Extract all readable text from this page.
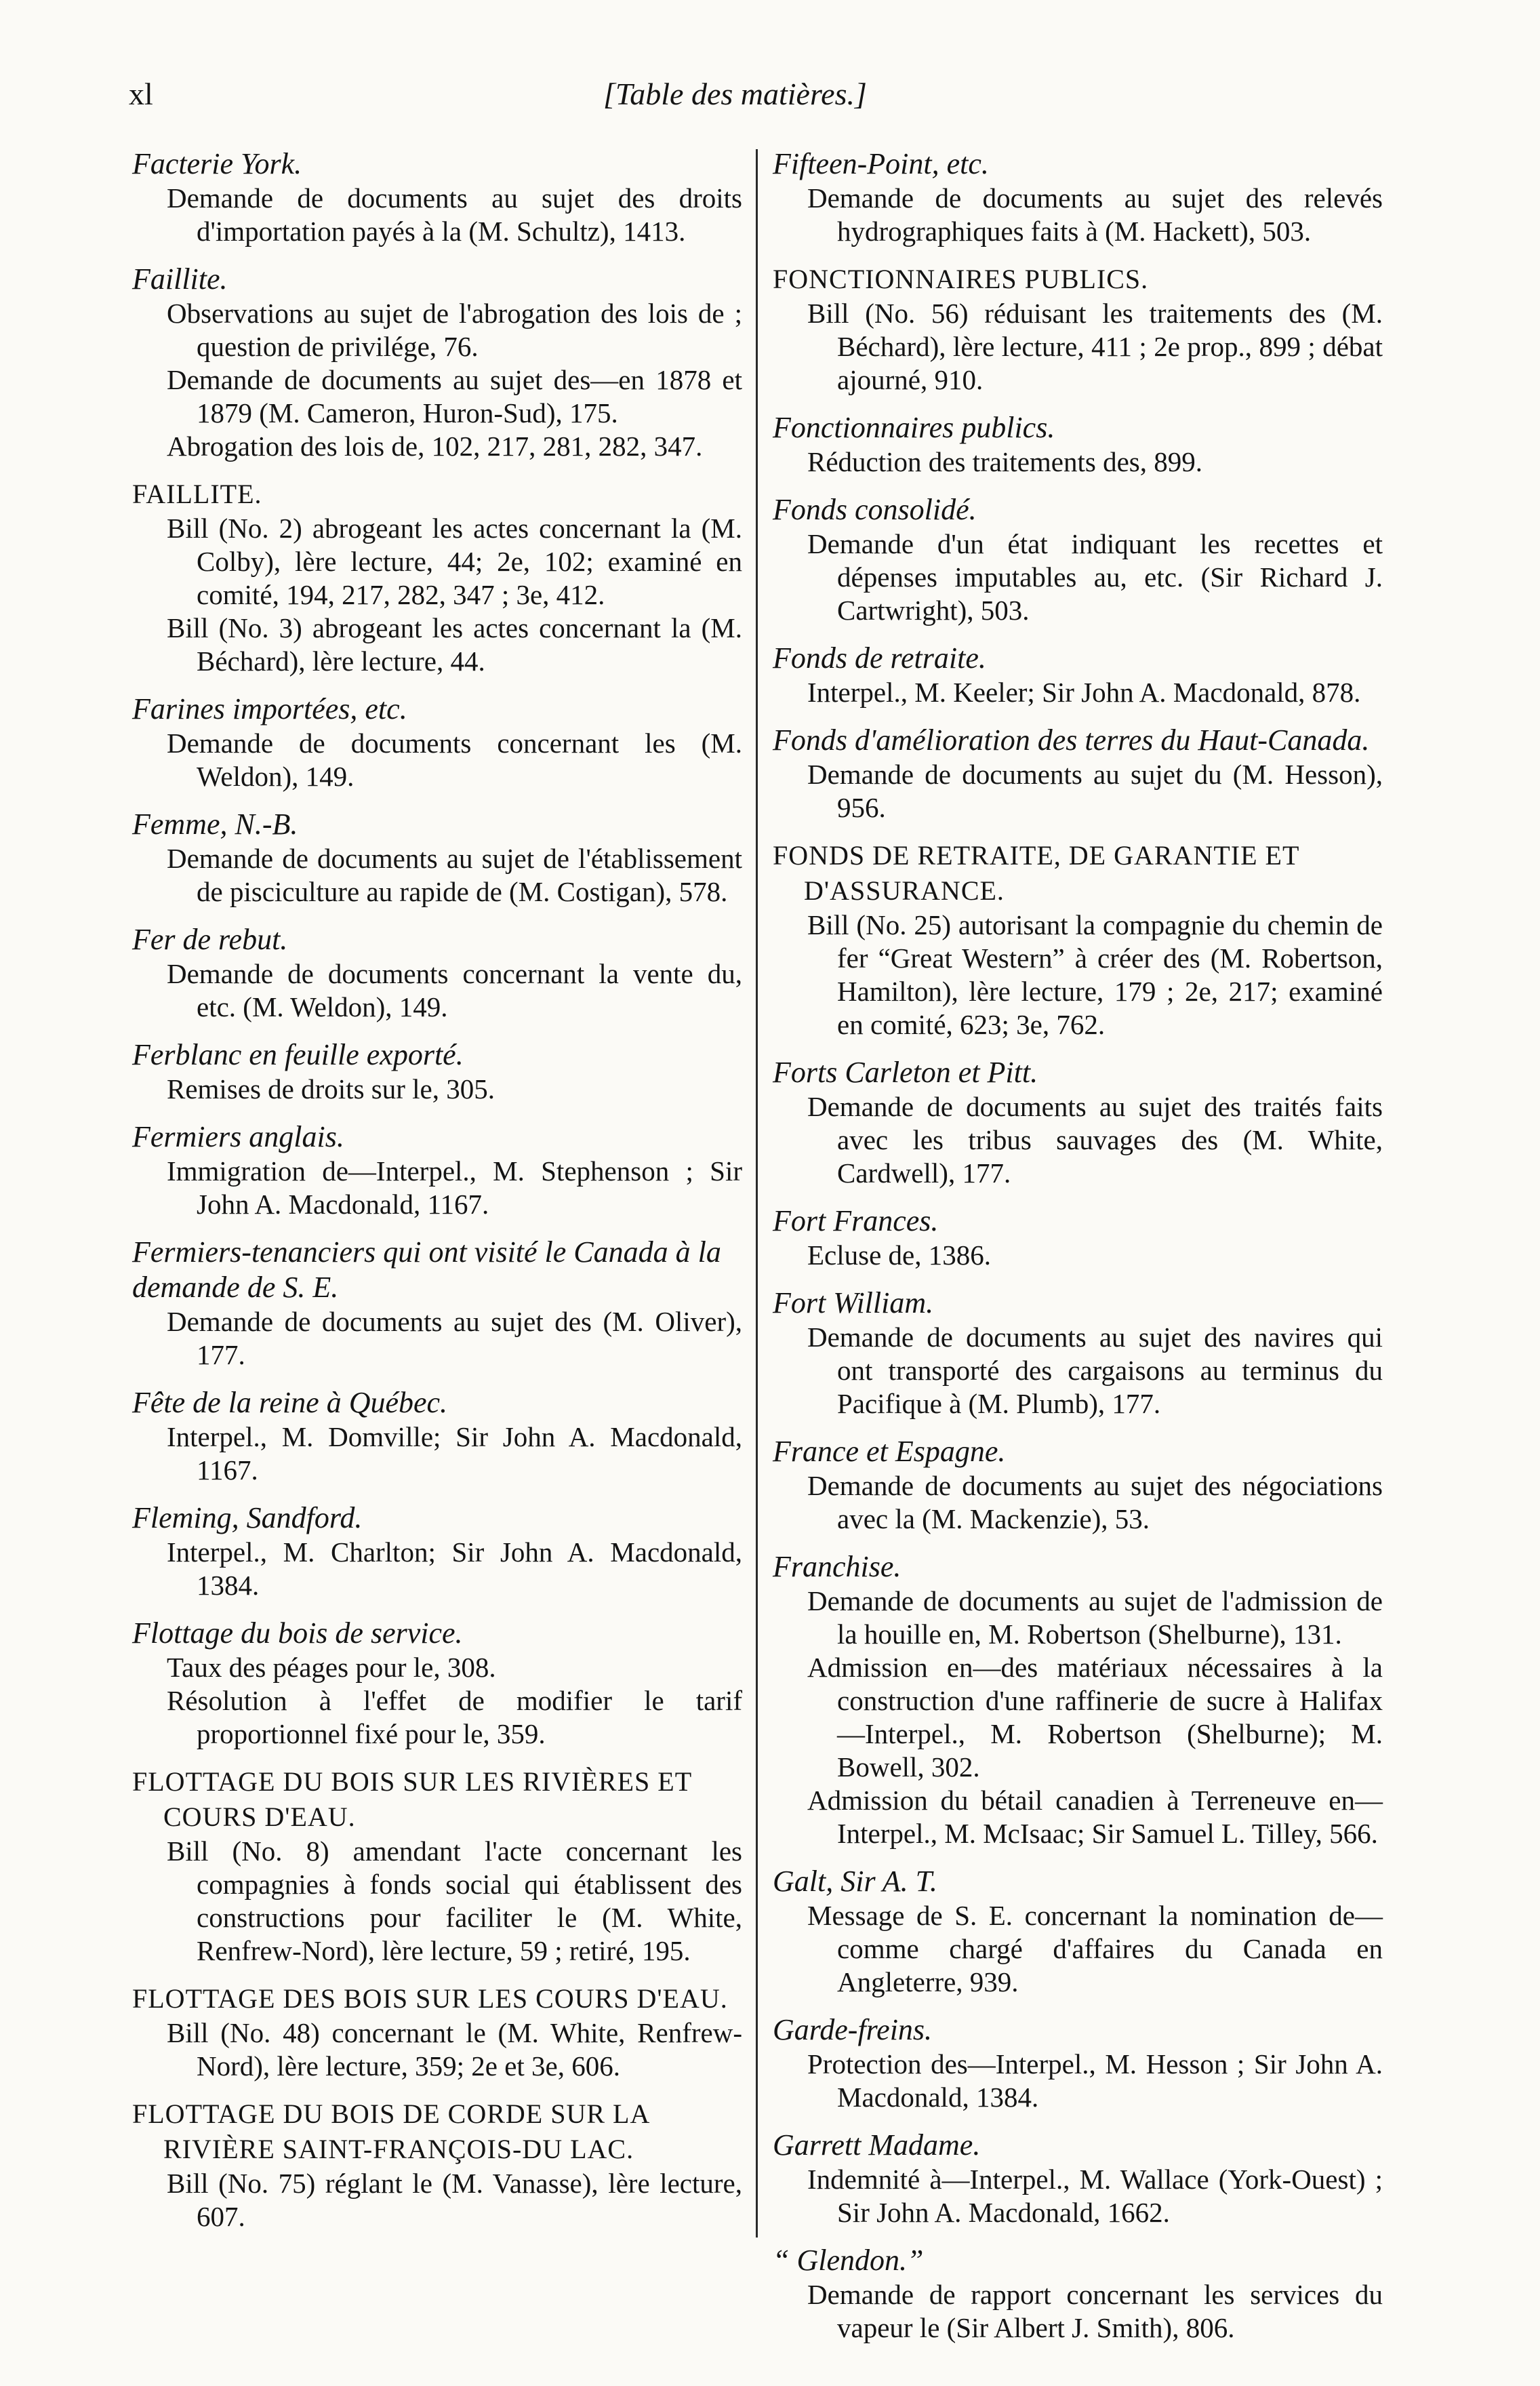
xl	[Table des matières.]
Facterie York.
Demande de documents au sujet des droits d'importation payés à la (M. Schultz), 1413.
Faillite.
Observations au sujet de l'abrogation des lois de ; question de privilége, 76.
Demande de documents au sujet des—en 1878 et 1879 (M. Cameron, Huron-Sud), 175.
Abrogation des lois de, 102, 217, 281, 282, 347.
FAILLITE.
Bill (No. 2) abrogeant les actes concernant la (M. Colby), lère lecture, 44; 2e, 102; examiné en comité, 194, 217, 282, 347 ; 3e, 412.
Bill (No. 3) abrogeant les actes concernant la (M. Béchard), lère lecture, 44.
Farines importées, etc.
Demande de documents concernant les (M. Weldon), 149.
Femme, N.-B.
Demande de documents au sujet de l'établissement de pisciculture au rapide de (M. Costigan), 578.
Fer de rebut.
Demande de documents concernant la vente du, etc. (M. Weldon), 149.
Ferblanc en feuille exporté.
Remises de droits sur le, 305.
Fermiers anglais.
Immigration de—Interpel., M. Stephenson ; Sir John A. Macdonald, 1167.
Fermiers-tenanciers qui ont visité le Canada à la demande de S. E.
Demande de documents au sujet des (M. Oliver), 177.
Fête de la reine à Québec.
Interpel., M. Domville; Sir John A. Macdonald, 1167.
Fleming, Sandford.
Interpel., M. Charlton; Sir John A. Macdonald, 1384.
Flottage du bois de service.
Taux des péages pour le, 308.
Résolution à l'effet de modifier le tarif proportionnel fixé pour le, 359.
FLOTTAGE DU BOIS SUR LES RIVIÈRES ET COURS D'EAU.
Bill (No. 8) amendant l'acte concernant les compagnies à fonds social qui établissent des constructions pour faciliter le (M. White, Renfrew-Nord), lère lecture, 59 ; retiré, 195.
FLOTTAGE DES BOIS SUR LES COURS D'EAU.
Bill (No. 48) concernant le (M. White, Renfrew-Nord), lère lecture, 359; 2e et 3e, 606.
FLOTTAGE DU BOIS DE CORDE SUR LA RIVIÈRE SAINT-FRANÇOIS-DU LAC.
Bill (No. 75) réglant le (M. Vanasse), lère lecture, 607.
Fifteen-Point, etc.
Demande de documents au sujet des relevés hydrographiques faits à (M. Hackett), 503.
FONCTIONNAIRES PUBLICS.
Bill (No. 56) réduisant les traitements des (M. Béchard), lère lecture, 411 ; 2e prop., 899 ; débat ajourné, 910.
Fonctionnaires publics.
Réduction des traitements des, 899.
Fonds consolidé.
Demande d'un état indiquant les recettes et dépenses imputables au, etc. (Sir Richard J. Cartwright), 503.
Fonds de retraite.
Interpel., M. Keeler; Sir John A. Macdonald, 878.
Fonds d'amélioration des terres du Haut-Canada.
Demande de documents au sujet du (M. Hesson), 956.
FONDS DE RETRAITE, DE GARANTIE ET D'ASSURANCE.
Bill (No. 25) autorisant la compagnie du chemin de fer “Great Western” à créer des (M. Robertson, Hamilton), lère lecture, 179 ; 2e, 217; examiné en comité, 623; 3e, 762.
Forts Carleton et Pitt.
Demande de documents au sujet des traités faits avec les tribus sauvages des (M. White, Cardwell), 177.
Fort Frances.
Ecluse de, 1386.
Fort William.
Demande de documents au sujet des navires qui ont transporté des cargaisons au terminus du Pacifique à (M. Plumb), 177.
France et Espagne.
Demande de documents au sujet des négociations avec la (M. Mackenzie), 53.
Franchise.
Demande de documents au sujet de l'admission de la houille en, M. Robertson (Shelburne), 131.
Admission en—des matériaux nécessaires à la construction d'une raffinerie de sucre à Halifax—Interpel., M. Robertson (Shelburne); M. Bowell, 302.
Admission du bétail canadien à Terreneuve en—Interpel., M. McIsaac; Sir Samuel L. Tilley, 566.
Galt, Sir A. T.
Message de S. E. concernant la nomination de—comme chargé d'affaires du Canada en Angleterre, 939.
Garde-freins.
Protection des—Interpel., M. Hesson ; Sir John A. Macdonald, 1384.
Garrett Madame.
Indemnité à—Interpel., M. Wallace (York-Ouest) ; Sir John A. Macdonald, 1662.
“ Glendon.”
Demande de rapport concernant les services du vapeur le (Sir Albert J. Smith), 806.
